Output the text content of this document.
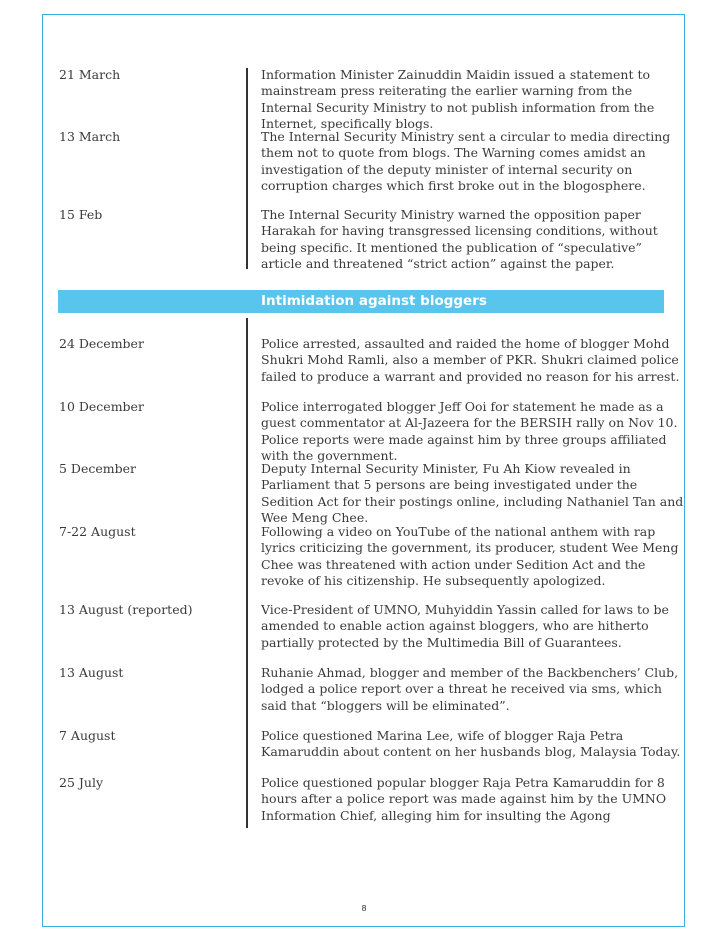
21 March	Information Minister Zainuddin Maidin issued a statement to mainstream press reiterating the earlier warning from the Internal Security Ministry to not publish information from the Internet, specifically blogs.

13 March	The Internal Security Ministry sent a circular to media directing them not to quote from blogs. The Warning comes amidst an investigation of the deputy minister of internal security on corruption charges which first broke out in the blogosphere.

15 Feb	The Internal Security Ministry warned the opposition paper Harakah for having transgressed licensing conditions, without being specific. It mentioned the publication of “speculative” article and threatened “strict action” against the paper.

Intimidation against bloggers
24 December	Police arrested, assaulted and raided the home of blogger Mohd Shukri Mohd Ramli, also a member of PKR. Shukri claimed police failed to produce a warrant and provided no reason for his arrest.

10 December	Police interrogated blogger Jeff Ooi for statement he made as a guest commentator at Al-Jazeera for the BERSIH rally on Nov 10. Police reports were made against him by three groups affiliated with the government.

5 December	Deputy Internal Security Minister, Fu Ah Kiow revealed in Parliament that 5 persons are being investigated under the Sedition Act for their postings online, including Nathaniel Tan and Wee Meng Chee.

7-22 August	Following a video on YouTube of the national anthem with rap lyrics criticizing the government, its producer, student Wee Meng Chee was threatened with action under Sedition Act and the revoke of his citizenship. He subsequently apologized.

13 August (reported)	Vice-President of UMNO, Muhyiddin Yassin called for laws to be amended to enable action against bloggers, who are hitherto partially protected by the Multimedia Bill of Guarantees.

13 August	Ruhanie Ahmad, blogger and member of the Backbenchers’ Club, lodged a police report over a threat he received via sms, which said that “bloggers will be eliminated”.

7 August	Police questioned Marina Lee, wife of blogger Raja Petra Kamaruddin about content on her husbands blog, Malaysia Today.

25 July	Police questioned popular blogger Raja Petra Kamaruddin for 8 hours after a police report was made against him by the UMNO Information Chief, alleging him for insulting the Agong

8
